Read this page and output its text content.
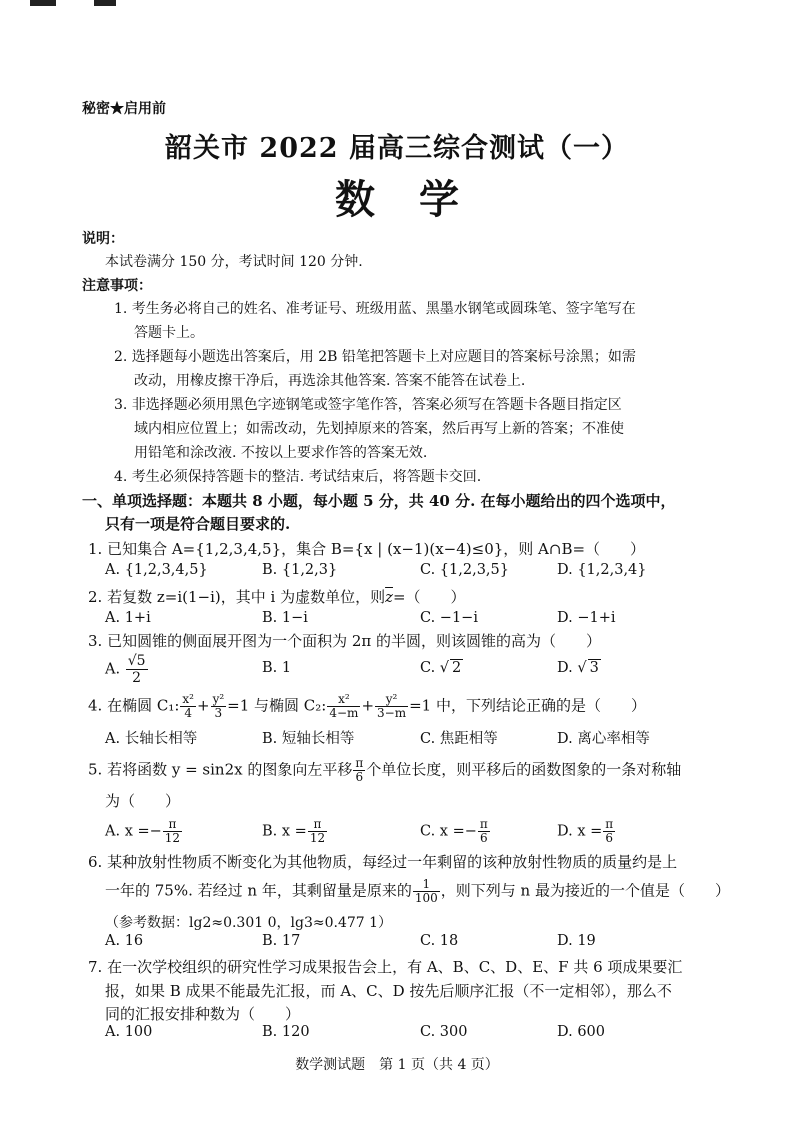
秘密★启用前
韶关市 2022 届高三综合测试（一）
数学
说明：
本试卷满分 150 分，考试时间 120 分钟.
注意事项：
1. 考生务必将自己的姓名、准考证号、班级用蓝、黑墨水钢笔或圆珠笔、签字笔写在
答题卡上。
2. 选择题每小题选出答案后，用 2B 铅笔把答题卡上对应题目的答案标号涂黑；如需
改动，用橡皮擦干净后，再选涂其他答案. 答案不能答在试卷上.
3. 非选择题必须用黑色字迹钢笔或签字笔作答，答案必须写在答题卡各题目指定区
域内相应位置上；如需改动，先划掉原来的答案，然后再写上新的答案；不准使
用铅笔和涂改液. 不按以上要求作答的答案无效.
4. 考生必须保持答题卡的整洁. 考试结束后，将答题卡交回.
一、单项选择题：本题共 8 小题，每小题 5 分，共 40 分. 在每小题给出的四个选项中，
只有一项是符合题目要求的.
1. 已知集合 A={1,2,3,4,5}，集合 B={x | (x−1)(x−4)≤0}，则 A∩B=（　　）
A. {1,2,3,4,5}	B. {1,2,3}	C. {1,2,3,5}	D. {1,2,3,4}
2. 若复数 z=i(1−i)，其中 i 为虚数单位，则$\overline{z}=$（　　）
A. 1+i	B. 1−i	C. −1−i	D. −1+i
3. 已知圆锥的侧面展开图为一个面积为 2π 的半圆，则该圆锥的高为（　　）
A. $\frac{√5}{2}$	B. 1	C. √ 2	D. √ 3
4. 在椭圆 C₁: $\frac{\text{x²}}{4} + \frac{\text{y²}}{3} =1$ 与椭圆 C₂: $\frac{\text{x²}}{4-m} + \frac{\text{y²}}{3-m} =1$ 中，下列结论正确的是（　　）
A. 长轴长相等	B. 短轴长相等	C. 焦距相等	D. 离心率相等
5. 若将函数 y = sin2x 的图象向左平移 $\frac{\pi}{6}$ 个单位长度，则平移后的函数图象的一条对称轴
为（　　）
A. $x =- \frac{\pi}{12}$	B. $x = \frac{\pi}{12}$	C. $x =- \frac{\pi}{6}$	D. $x = \frac{\pi}{6}$
6. 某种放射性物质不断变化为其他物质，每经过一年剩留的该种放射性物质的质量约是上
一年的 75%. 若经过 n 年，其剩留量是原来的 $\frac{1}{100}$ ，则下列与 n 最为接近的一个值是（　　）
（参考数据：lg2≈0.301 0，lg3≈0.477 1）
A. 16	B. 17	C. 18	D. 19
7. 在一次学校组织的研究性学习成果报告会上，有 A、B、C、D、E、F 共 6 项成果要汇
报，如果 B 成果不能最先汇报，而 A、C、D 按先后顺序汇报（不一定相邻），那么不
同的汇报安排种数为（　　）
A. 100	B. 120	C. 300	D. 600
数学测试题　第 1 页（共 4 页）
